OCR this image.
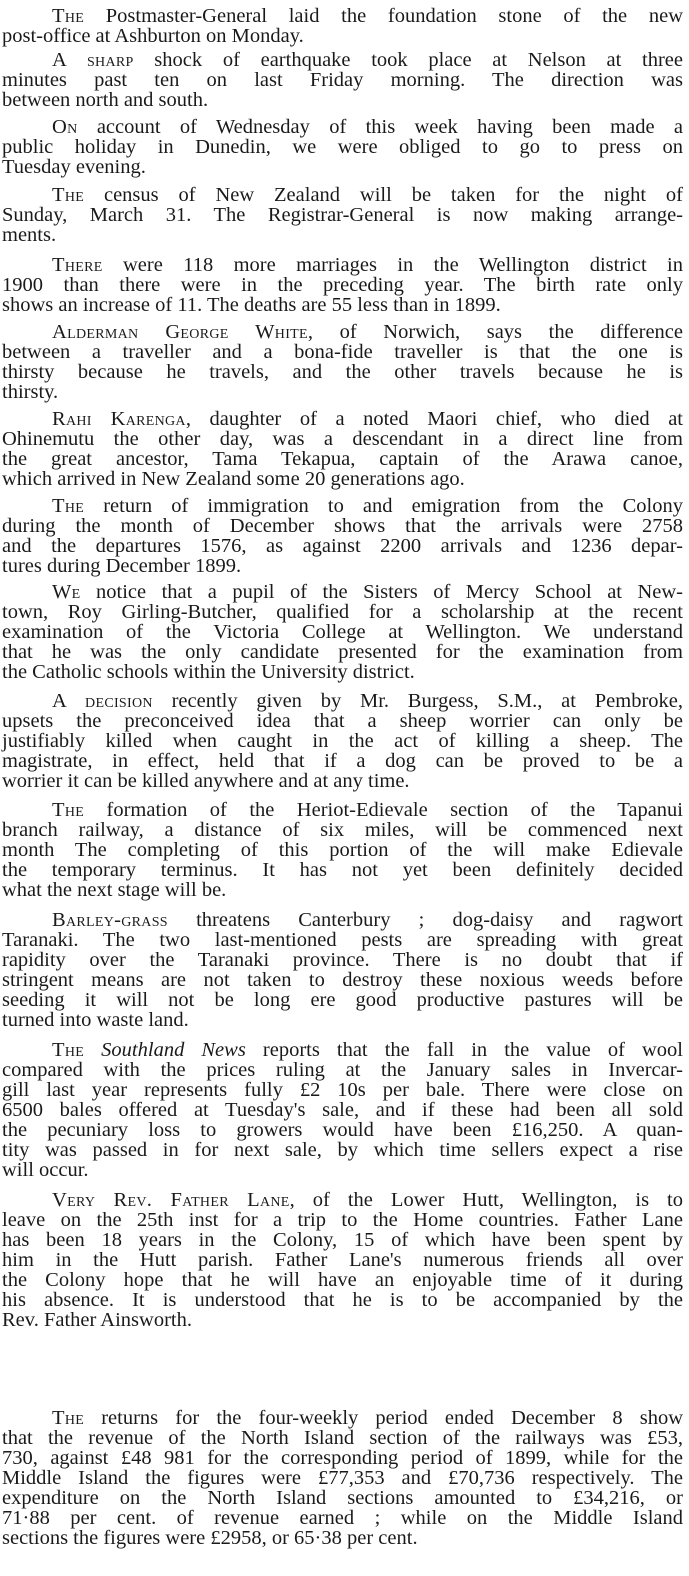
The Postmaster-General laid the foundation stone of the new
post-office at Ashburton on Monday.
A sharp shock of earthquake took place at Nelson at three
minutes past ten on last Friday morning. The direction was
between north and south.
On account of Wednesday of this week having been made a
public holiday in Dunedin, we were obliged to go to press on
Tuesday evening.
The census of New Zealand will be taken for the night of
Sunday, March 31. The Registrar-General is now making arrange-
ments.
There were 118 more marriages in the Wellington district in
1900 than there were in the preceding year. The birth rate only
shows an increase of 11. The deaths are 55 less than in 1899.
Alderman George White, of Norwich, says the difference
between a traveller and a bona-fide traveller is that the one is
thirsty because he travels, and the other travels because he is
thirsty.
Rahi Karenga, daughter of a noted Maori chief, who died at
Ohinemutu the other day, was a descendant in a direct line from
the great ancestor, Tama Tekapua, captain of the Arawa canoe,
which arrived in New Zealand some 20 generations ago.
The return of immigration to and emigration from the Colony
during the month of December shows that the arrivals were 2758
and the departures 1576, as against 2200 arrivals and 1236 depar-
tures during December 1899.
We notice that a pupil of the Sisters of Mercy School at New-
town, Roy Girling-Butcher, qualified for a scholarship at the recent
examination of the Victoria College at Wellington. We understand
that he was the only candidate presented for the examination from
the Catholic schools within the University district.
A decision recently given by Mr. Burgess, S.M., at Pembroke,
upsets the preconceived idea that a sheep worrier can only be
justifiably killed when caught in the act of killing a sheep. The
magistrate, in effect, held that if a dog can be proved to be a
worrier it can be killed anywhere and at any time.
The formation of the Heriot-Edievale section of the Tapanui
branch railway, a distance of six miles, will be commenced next
month The completing of this portion of the will make Edievale
the temporary terminus. It has not yet been definitely decided
what the next stage will be.
Barley-grass threatens Canterbury ; dog-daisy and ragwort
Taranaki. The two last-mentioned pests are spreading with great
rapidity over the Taranaki province. There is no doubt that if
stringent means are not taken to destroy these noxious weeds before
seeding it will not be long ere good productive pastures will be
turned into waste land.
The Southland News reports that the fall in the value of wool
compared with the prices ruling at the January sales in Invercar-
gill last year represents fully £2 10s per bale. There were close on
6500 bales offered at Tuesday's sale, and if these had been all sold
the pecuniary loss to growers would have been £16,250. A quan-
tity was passed in for next sale, by which time sellers expect a rise
will occur.
Very Rev. Father Lane, of the Lower Hutt, Wellington, is to
leave on the 25th inst for a trip to the Home countries. Father Lane
has been 18 years in the Colony, 15 of which have been spent by
him in the Hutt parish. Father Lane's numerous friends all over
the Colony hope that he will have an enjoyable time of it during
his absence. It is understood that he is to be accompanied by the
Rev. Father Ainsworth.
The returns for the four-weekly period ended December 8 show
that the revenue of the North Island section of the railways was £53,
730, against £48 981 for the corresponding period of 1899, while for the
Middle Island the figures were £77,353 and £70,736 respectively. The
expenditure on the North Island sections amounted to £34,216, or
71·88 per cent. of revenue earned ; while on the Middle Island
sections the figures were £2958, or 65·38 per cent.
